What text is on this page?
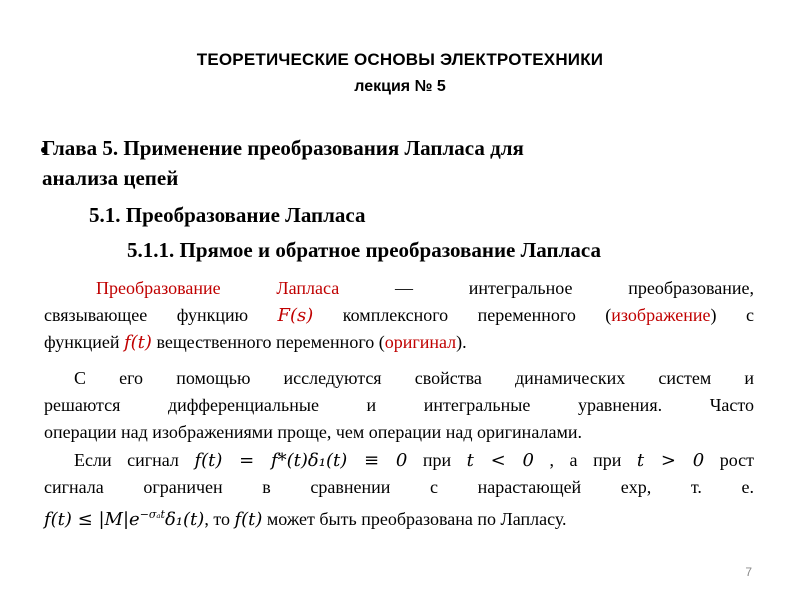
ТЕОРЕТИЧЕСКИЕ ОСНОВЫ ЭЛЕКТРОТЕХНИКИ
лекция № 5
Глава 5. Применение преобразования Лапласа для
анализа цепей
5.1. Преобразование Лапласа
5.1.1. Прямое и обратное преобразование Лапласа
Преобразование Лапласа — интегральное преобразование,
связывающее функцию F(s) комплексного переменного (изображение) с
функцией f(t) вещественного переменного (оригинал).
С его помощью исследуются свойства динамических систем и
решаются дифференциальные и интегральные уравнения. Часто
операции над изображениями проще, чем операции над оригиналами.
Если сигнал f(t) = f*(t)δ₁(t) ≡ 0 при t < 0 , а при t > 0 рост
сигнала ограничен в сравнении с нарастающей exp, т. е.
$f(t) \le |M|e^{-\sigma_at}\delta_1(t)$, то f(t) может быть преобразована по Лапласу.
7
